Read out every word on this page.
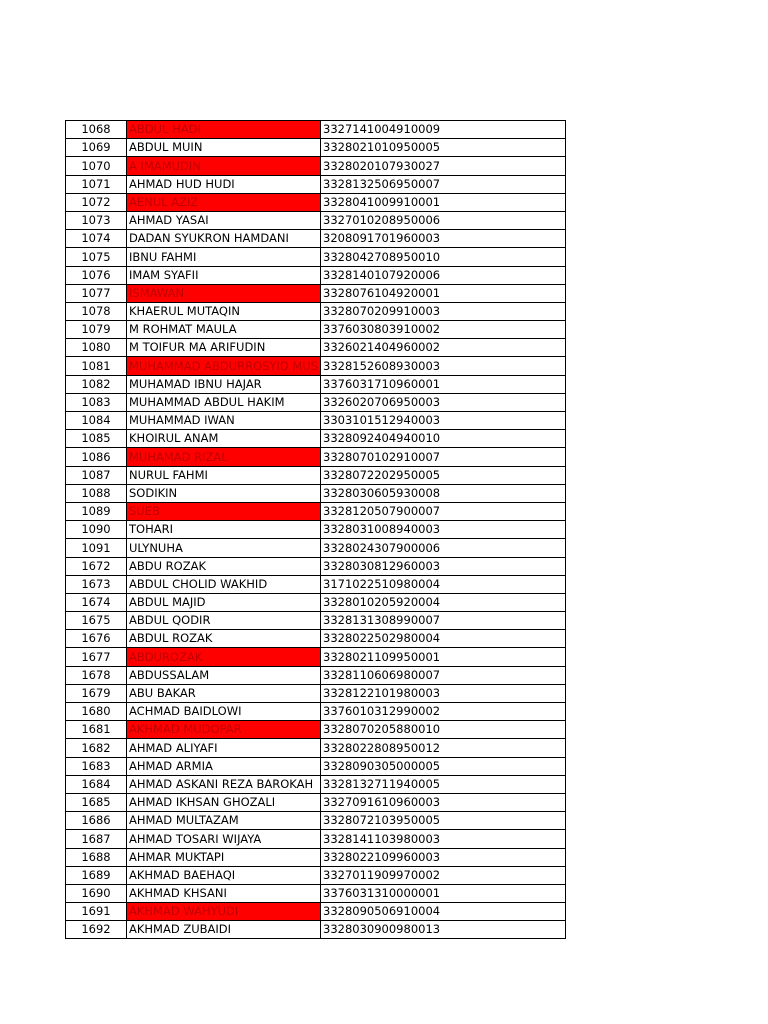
1068	ABDUL HADI	3327141004910009
1069	ABDUL MUIN	3328021010950005
1070	A IMAMUDIN	3328020107930027
1071	AHMAD HUD HUDI	3328132506950007
1072	AENUL AZIZ	3328041009910001
1073	AHMAD YASAI	3327010208950006
1074	DADAN SYUKRON HAMDANI	3208091701960003
1075	IBNU FAHMI	3328042708950010
1076	IMAM SYAFII	3328140107920006
1077	ISMAWAN	3328076104920001
1078	KHAERUL MUTAQIN	3328070209910003
1079	M ROHMAT MAULA	3376030803910002
1080	M TOIFUR MA ARIFUDIN	3326021404960002
1081	MUHAMMAD ABDURROSYID MUS	3328152608930003
1082	MUHAMAD IBNU HAJAR	3376031710960001
1083	MUHAMMAD ABDUL HAKIM	3326020706950003
1084	MUHAMMAD IWAN	3303101512940003
1085	KHOIRUL ANAM	3328092404940010
1086	MUHAMAD RIZAL	3328070102910007
1087	NURUL FAHMI	3328072202950005
1088	SODIKIN	3328030605930008
1089	SUEB	3328120507900007
1090	TOHARI	3328031008940003
1091	ULYNUHA	3328024307900006
1672	ABDU ROZAK	3328030812960003
1673	ABDUL CHOLID WAKHID	3171022510980004
1674	ABDUL MAJID	3328010205920004
1675	ABDUL QODIR	3328131308990007
1676	ABDUL ROZAK	3328022502980004
1677	ABDUROZAK	3328021109950001
1678	ABDUSSALAM	3328110606980007
1679	ABU BAKAR	3328122101980003
1680	ACHMAD BAIDLOWI	3376010312990002
1681	AKHMAD MUDOPAR	3328070205880010
1682	AHMAD ALIYAFI	3328022808950012
1683	AHMAD ARMIA	3328090305000005
1684	AHMAD ASKANI REZA BAROKAH	3328132711940005
1685	AHMAD IKHSAN GHOZALI	3327091610960003
1686	AHMAD MULTAZAM	3328072103950005
1687	AHMAD TOSARI WIJAYA	3328141103980003
1688	AHMAR MUKTAPI	3328022109960003
1689	AKHMAD BAEHAQI	3327011909970002
1690	AKHMAD KHSANI	3376031310000001
1691	AKHMAD WAHYUDI	3328090506910004
1692	AKHMAD ZUBAIDI	3328030900980013
